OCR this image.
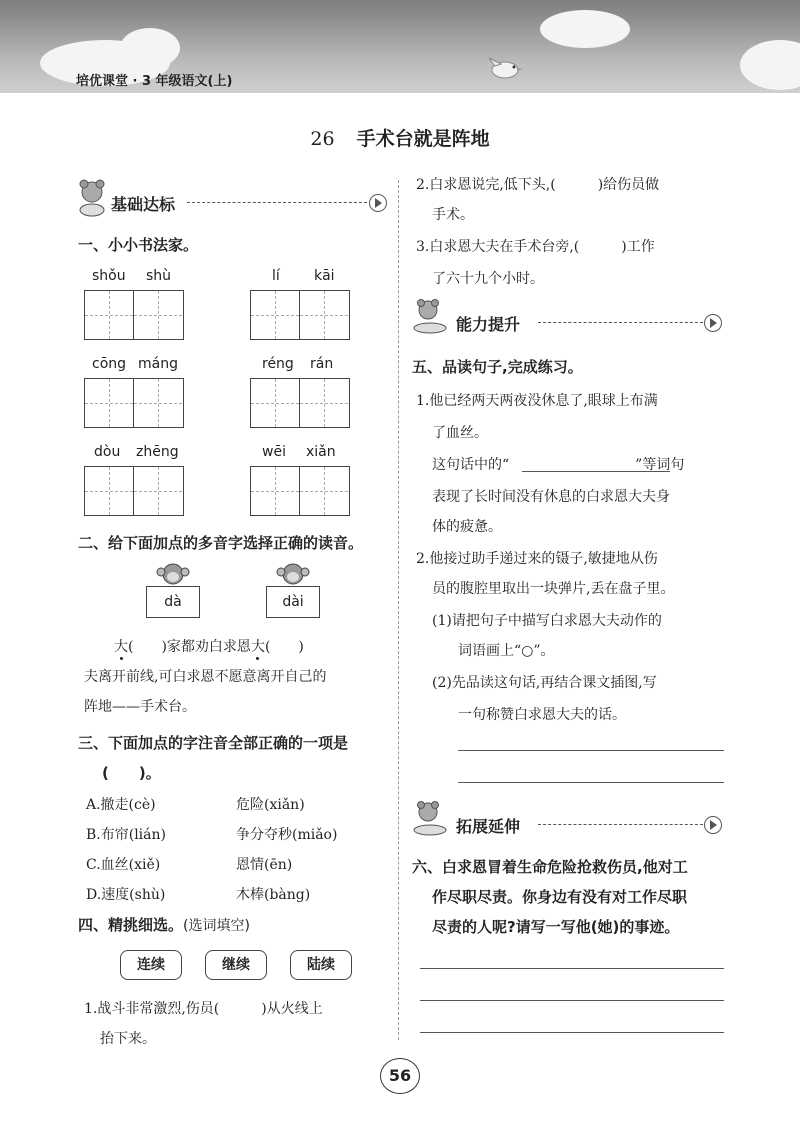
培优课堂 · 3 年级语文(上)
26 手术台就是阵地
基础达标
一、小小书法家。
shǒu shù	lí kāi
cōng máng	réng rán
dòu zhēng	wēi xiǎn
二、给下面加点的多音字选择正确的读音。
dà	dài
大(　　)家都劝白求恩大(　　)
夫离开前线,可白求恩不愿意离开自己的
阵地——手术台。
三、下面加点的字注音全部正确的一项是
(　　)。
A.撤走(cè)	危险(xiǎn)
B.布帘(lián)	争分夺秒(miǎo)
C.血丝(xiě)	恩情(ēn)
D.速度(shù)	木棒(bàng)
四、精挑细选。(选词填空)
连续	继续	陆续
1.战斗非常激烈,伤员(　　　)从火线上
抬下来。
2.白求恩说完,低下头,(　　　)给伤员做
手术。
3.白求恩大夫在手术台旁,(　　　)工作
了六十九个小时。
能力提升
五、品读句子,完成练习。
1.他已经两天两夜没休息了,眼球上布满
了血丝。
这句话中的“　　　　　　　　　”等词句
表现了长时间没有休息的白求恩大夫身
体的疲惫。
2.他接过助手递过来的镊子,敏捷地从伤
员的腹腔里取出一块弹片,丢在盘子里。
(1)请把句子中描写白求恩大夫动作的
词语画上“○”。
(2)先品读这句话,再结合课文插图,写
一句称赞白求恩大夫的话。
拓展延伸
六、白求恩冒着生命危险抢救伤员,他对工
作尽职尽责。你身边有没有对工作尽职
尽责的人呢?请写一写他(她)的事迹。
56
